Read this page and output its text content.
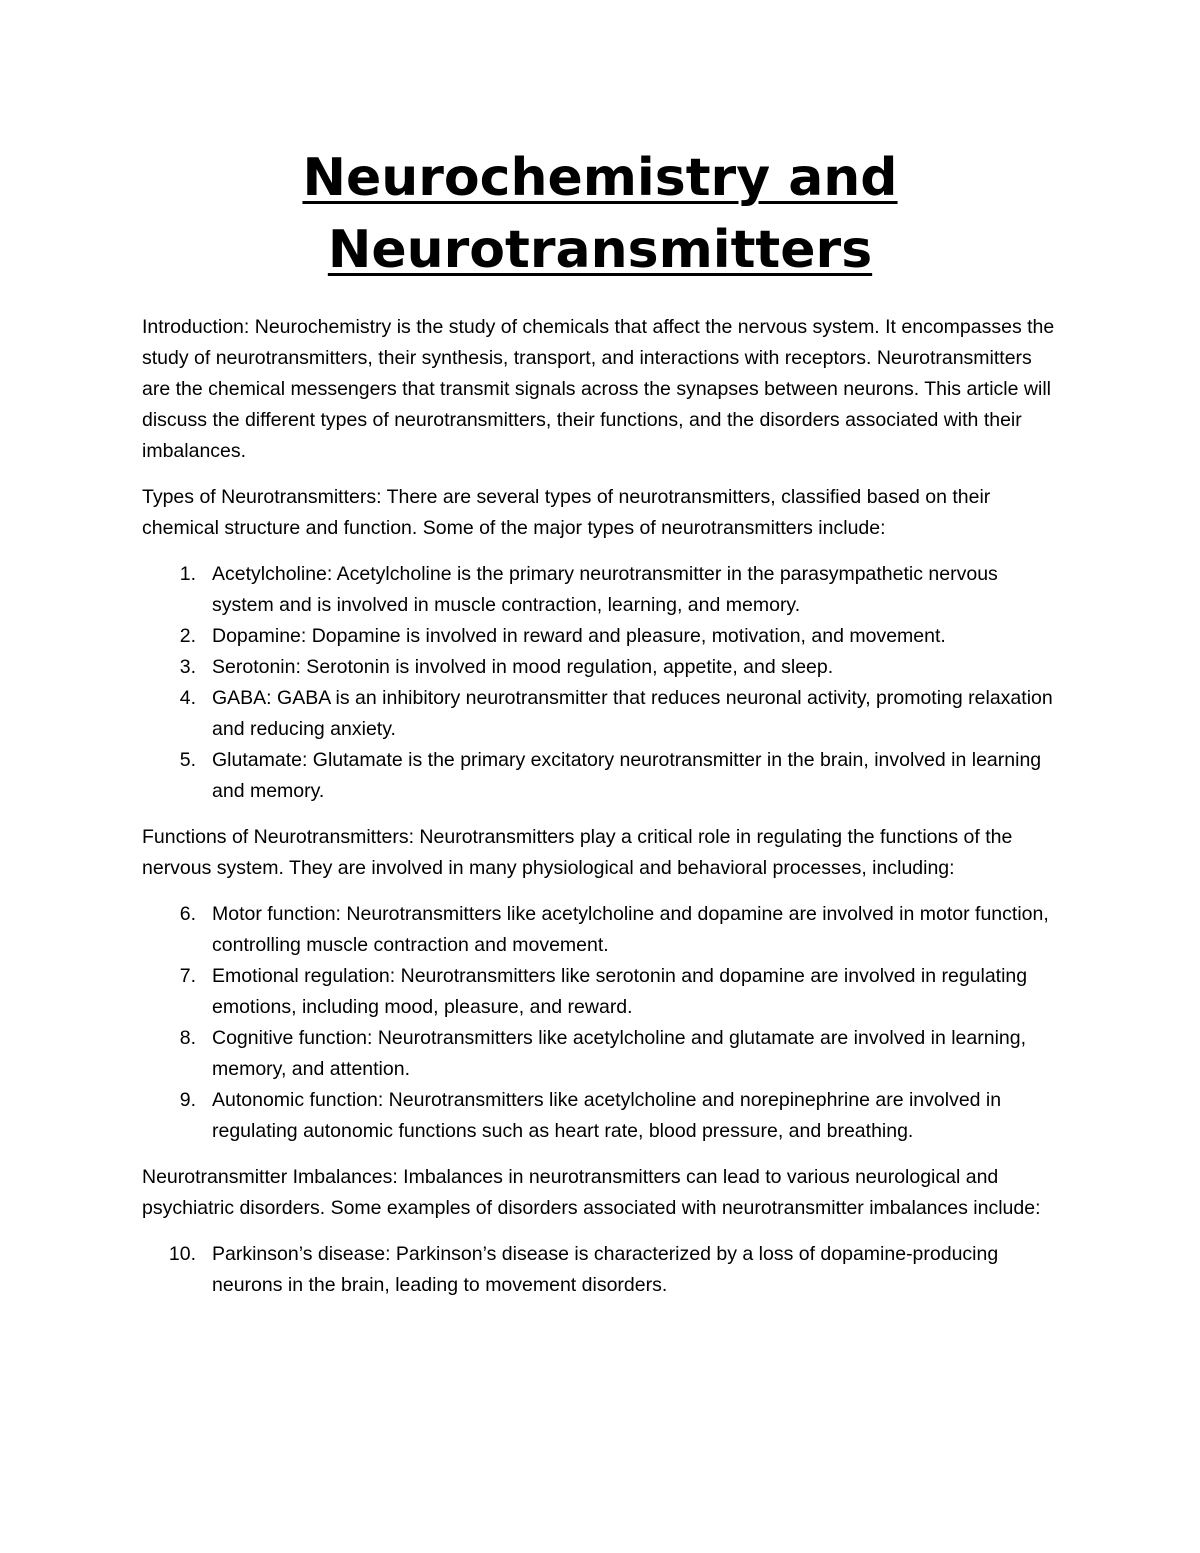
Neurochemistry and Neurotransmitters

Introduction: Neurochemistry is the study of chemicals that affect the nervous system. It encompasses the study of neurotransmitters, their synthesis, transport, and interactions with receptors. Neurotransmitters are the chemical messengers that transmit signals across the synapses between neurons. This article will discuss the different types of neurotransmitters, their functions, and the disorders associated with their imbalances.

Types of Neurotransmitters: There are several types of neurotransmitters, classified based on their chemical structure and function. Some of the major types of neurotransmitters include:

1. Acetylcholine: Acetylcholine is the primary neurotransmitter in the parasympathetic nervous system and is involved in muscle contraction, learning, and memory.
2. Dopamine: Dopamine is involved in reward and pleasure, motivation, and movement.
3. Serotonin: Serotonin is involved in mood regulation, appetite, and sleep.
4. GABA: GABA is an inhibitory neurotransmitter that reduces neuronal activity, promoting relaxation and reducing anxiety.
5. Glutamate: Glutamate is the primary excitatory neurotransmitter in the brain, involved in learning and memory.

Functions of Neurotransmitters: Neurotransmitters play a critical role in regulating the functions of the nervous system. They are involved in many physiological and behavioral processes, including:

6. Motor function: Neurotransmitters like acetylcholine and dopamine are involved in motor function, controlling muscle contraction and movement.
7. Emotional regulation: Neurotransmitters like serotonin and dopamine are involved in regulating emotions, including mood, pleasure, and reward.
8. Cognitive function: Neurotransmitters like acetylcholine and glutamate are involved in learning, memory, and attention.
9. Autonomic function: Neurotransmitters like acetylcholine and norepinephrine are involved in regulating autonomic functions such as heart rate, blood pressure, and breathing.

Neurotransmitter Imbalances: Imbalances in neurotransmitters can lead to various neurological and psychiatric disorders. Some examples of disorders associated with neurotransmitter imbalances include:

10. Parkinson’s disease: Parkinson’s disease is characterized by a loss of dopamine-producing neurons in the brain, leading to movement disorders.
